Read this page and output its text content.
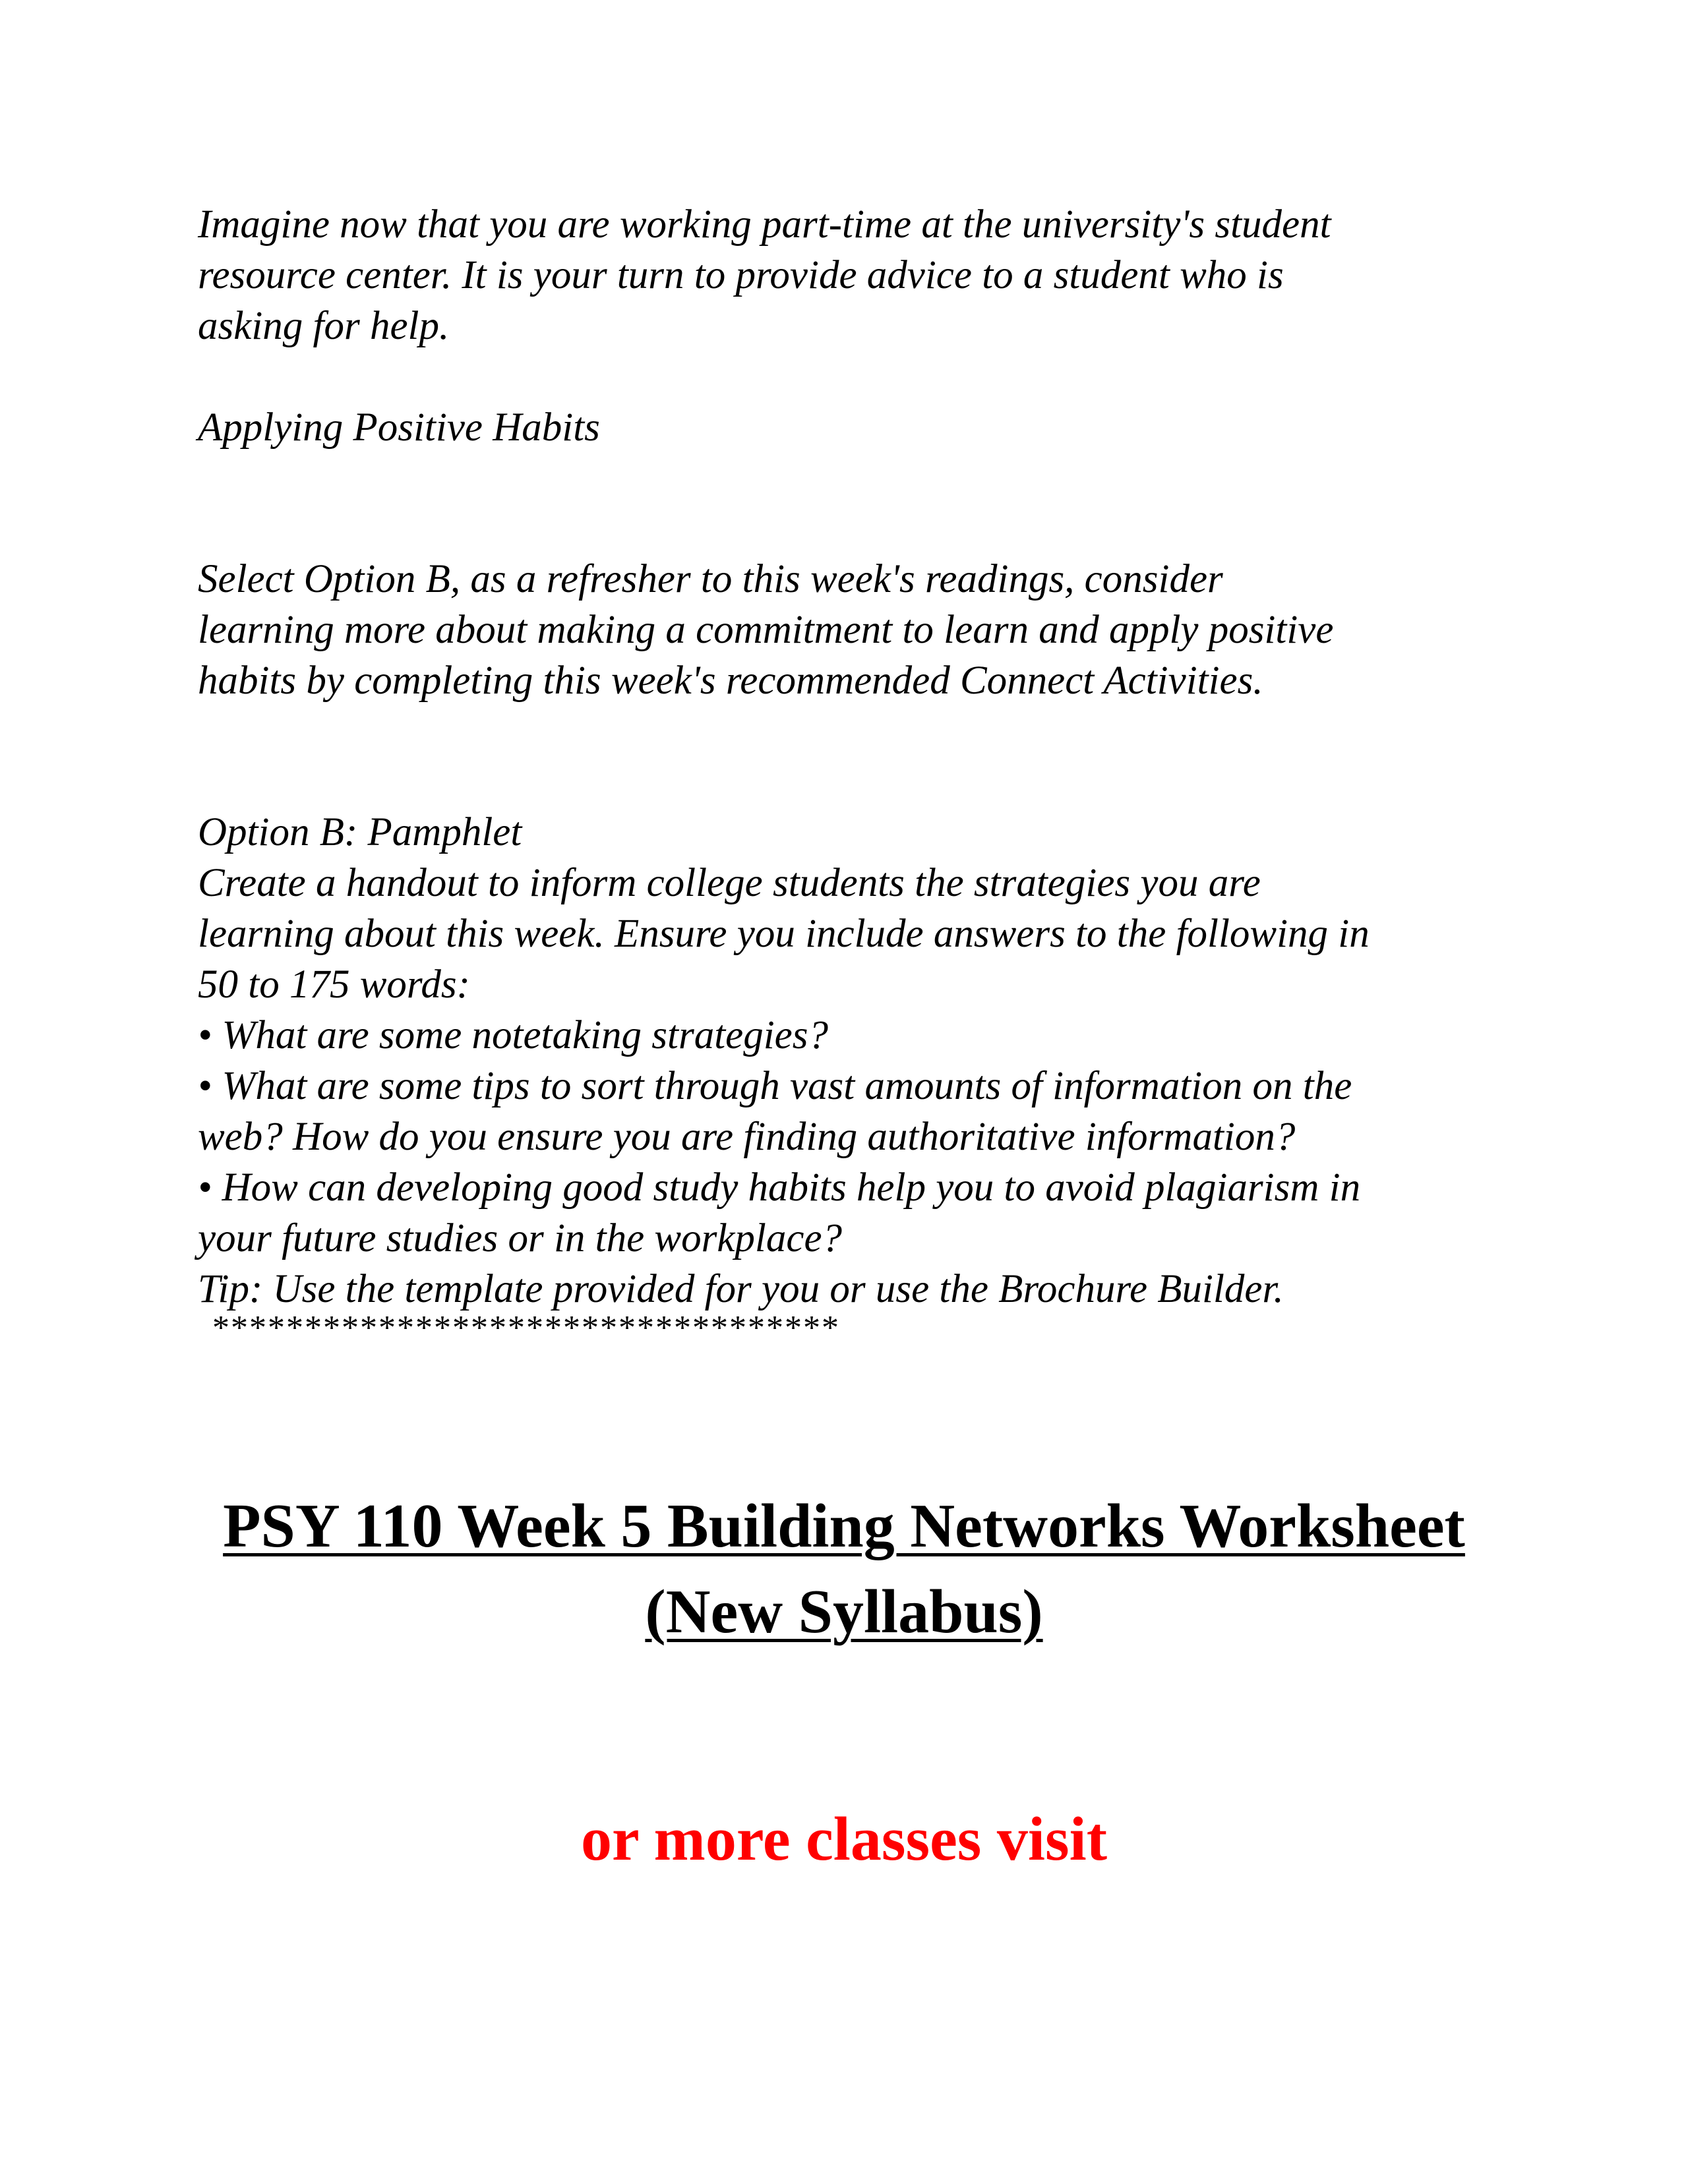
Imagine now that you are working part-time at the university's student
resource center. It is your turn to provide advice to a student who is
asking for help.

Applying Positive Habits

Select Option B, as a refresher to this week's readings, consider
learning more about making a commitment to learn and apply positive
habits by completing this week's recommended Connect Activities.

Option B: Pamphlet
Create a handout to inform college students the strategies you are
learning about this week. Ensure you include answers to the following in
50 to 175 words:
• What are some notetaking strategies?
• What are some tips to sort through vast amounts of information on the
web? How do you ensure you are finding authoritative information?
• How can developing good study habits help you to avoid plagiarism in
your future studies or in the workplace?
Tip: Use the template provided for you or use the Brochure Builder.

**********************************
PSY 110 Week 5 Building Networks Worksheet
(New Syllabus)

or more classes visit
